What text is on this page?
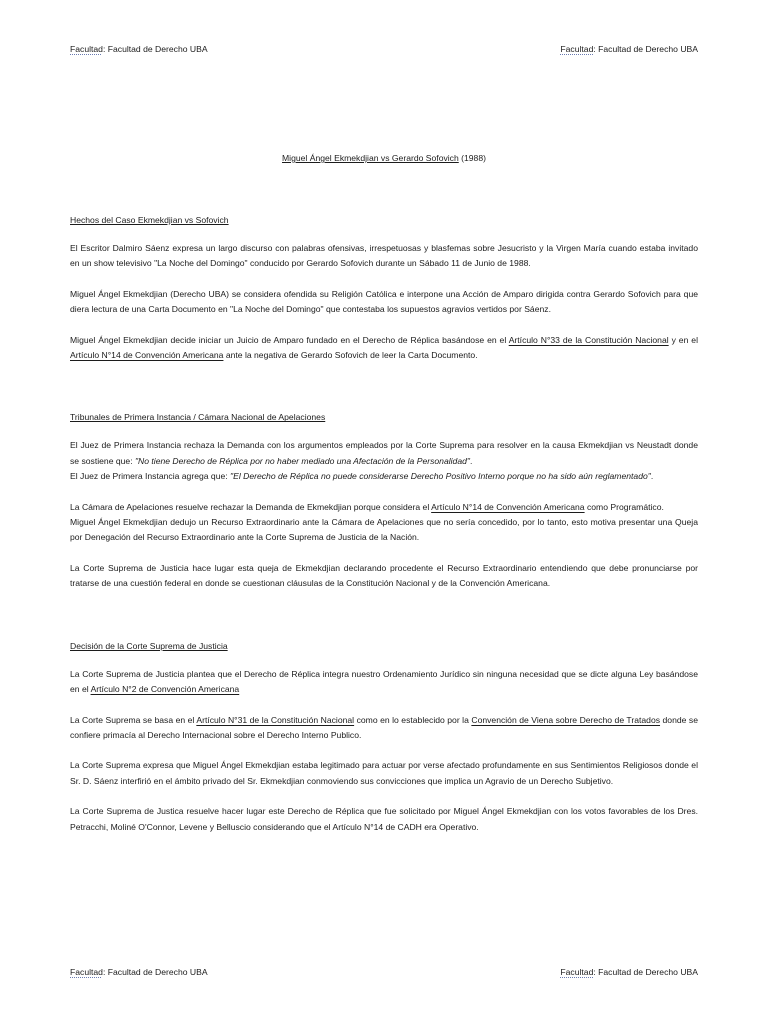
Facultad: Facultad de Derecho UBA	Facultad: Facultad de Derecho UBA
Miguel Ángel Ekmekdjian vs Gerardo Sofovich (1988)
Hechos del Caso Ekmekdjian vs Sofovich

El Escritor Dalmiro Sáenz expresa un largo discurso con palabras ofensivas, irrespetuosas y blasfemas sobre Jesucristo y la Virgen María cuando estaba invitado en un show televisivo "La Noche del Domingo" conducido por Gerardo Sofovich durante un Sábado 11 de Junio de 1988.

Miguel Ángel Ekmekdjian (Derecho UBA) se considera ofendida su Religión Católica e interpone una Acción de Amparo dirigida contra Gerardo Sofovich para que diera lectura de una Carta Documento en "La Noche del Domingo" que contestaba los supuestos agravios vertidos por Sáenz.

Miguel Ángel Ekmekdjian decide iniciar un Juicio de Amparo fundado en el Derecho de Réplica basándose en el Artículo N°33 de la Constitución Nacional y en el Artículo N°14 de Convención Americana ante la negativa de Gerardo Sofovich de leer la Carta Documento.

Tribunales de Primera Instancia / Cámara Nacional de Apelaciones

El Juez de Primera Instancia rechaza la Demanda con los argumentos empleados por la Corte Suprema para resolver en la causa Ekmekdjian vs Neustadt donde se sostiene que: "No tiene Derecho de Réplica por no haber mediado una Afectación de la Personalidad".
El Juez de Primera Instancia agrega que: "El Derecho de Réplica no puede considerarse Derecho Positivo Interno porque no ha sido aún reglamentado".

La Cámara de Apelaciones resuelve rechazar la Demanda de Ekmekdjian porque considera el Artículo N°14 de Convención Americana como Programático.
Miguel Ángel Ekmekdjian dedujo un Recurso Extraordinario ante la Cámara de Apelaciones que no sería concedido, por lo tanto, esto motiva presentar una Queja por Denegación del Recurso Extraordinario ante la Corte Suprema de Justicia de la Nación.

La Corte Suprema de Justicia hace lugar esta queja de Ekmekdjian declarando procedente el Recurso Extraordinario entendiendo que debe pronunciarse por tratarse de una cuestión federal en donde se cuestionan cláusulas de la Constitución Nacional y de la Convención Americana.

Decisión de la Corte Suprema de Justicia

La Corte Suprema de Justicia plantea que el Derecho de Réplica integra nuestro Ordenamiento Jurídico sin ninguna necesidad que se dicte alguna Ley basándose en el Artículo N°2 de Convención Americana

La Corte Suprema se basa en el Artículo N°31 de la Constitución Nacional como en lo establecido por la Convención de Viena sobre Derecho de Tratados donde se confiere primacía al Derecho Internacional sobre el Derecho Interno Publico.

La Corte Suprema expresa que Miguel Ángel Ekmekdjian estaba legitimado para actuar por verse afectado profundamente en sus Sentimientos Religiosos donde el Sr. D. Sáenz interfirió en el ámbito privado del Sr. Ekmekdjian conmoviendo sus convicciones que implica un Agravio de un Derecho Subjetivo.

La Corte Suprema de Justica resuelve hacer lugar este Derecho de Réplica que fue solicitado por Miguel Ángel Ekmekdjian con los votos favorables de los Dres. Petracchi, Moliné O'Connor, Levene y Belluscio considerando que el Artículo N°14 de CADH era Operativo.

Facultad: Facultad de Derecho UBA	Facultad: Facultad de Derecho UBA
